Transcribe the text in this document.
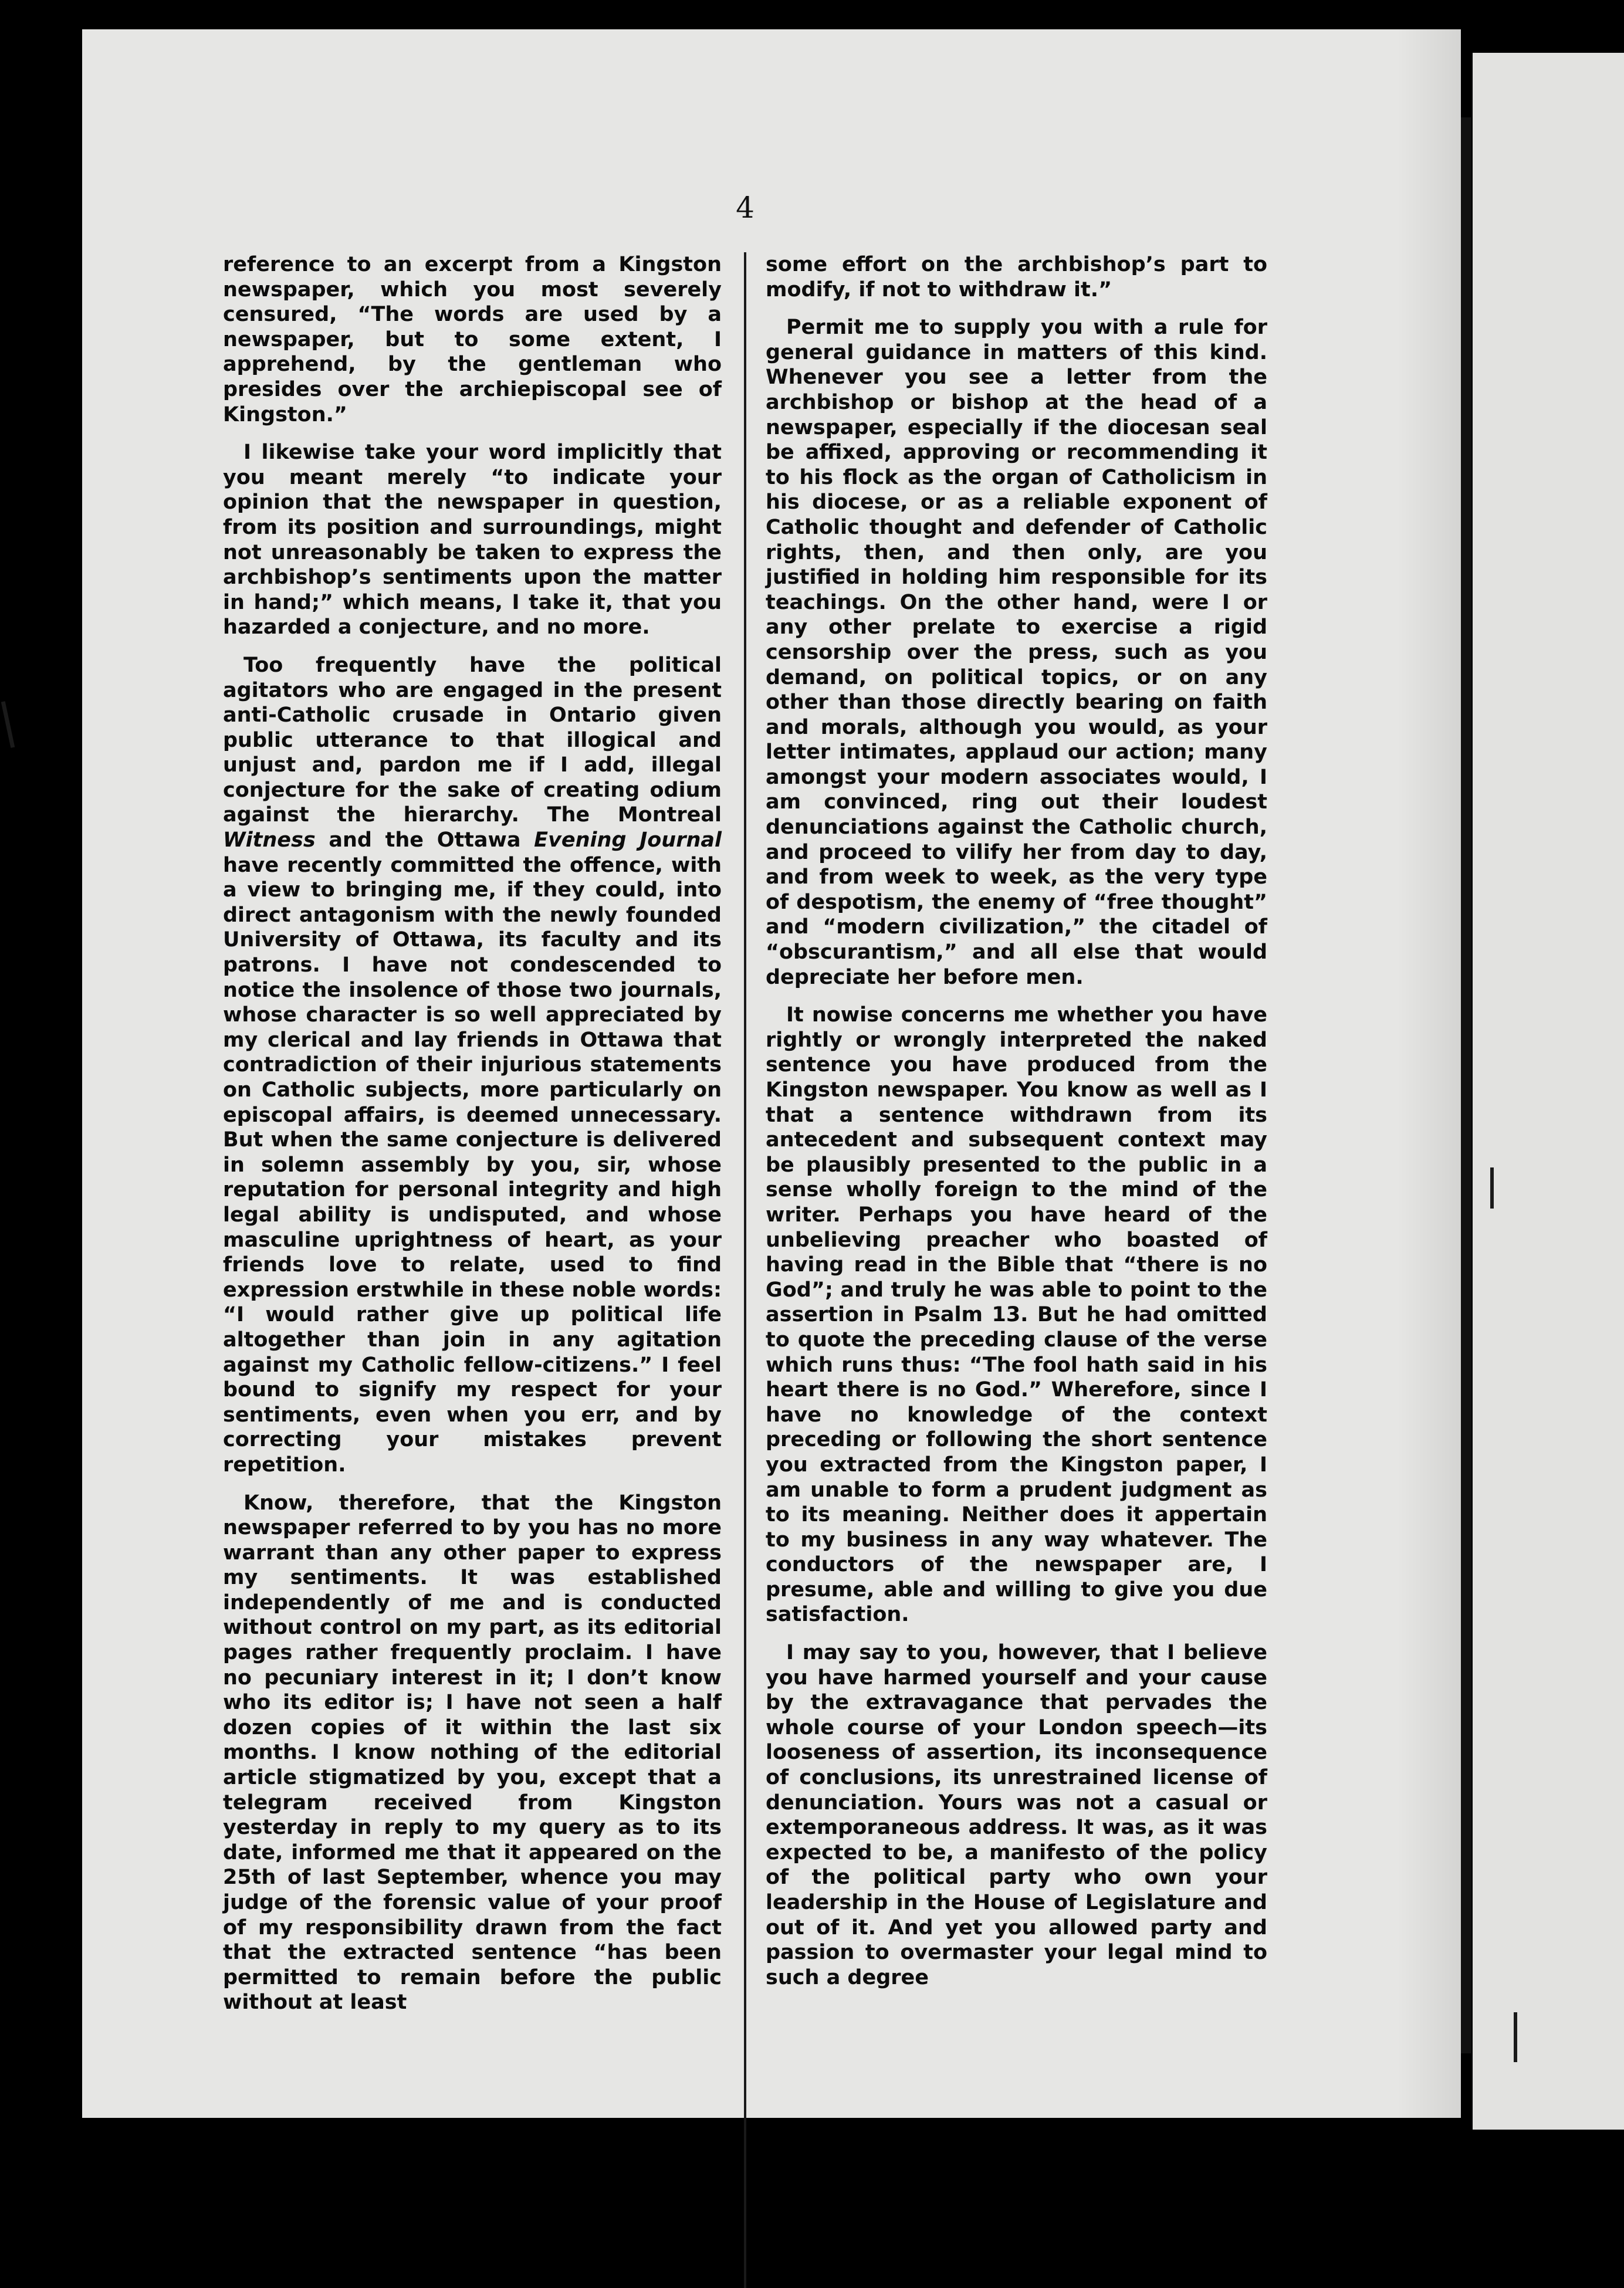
4

reference to an excerpt from a Kingston newspaper, which you most severely censured, “The words are used by a newspaper, but to some extent, I apprehend, by the gentleman who presides over the archiepiscopal see of Kingston.”

I likewise take your word implicitly that you meant merely “to indicate your opinion that the newspaper in question, from its position and surroundings, might not unreasonably be taken to express the archbishop’s sentiments upon the matter in hand;” which means, I take it, that you hazarded a conjecture, and no more.

Too frequently have the political agitators who are engaged in the present anti-Catholic crusade in Ontario given public utterance to that illogical and unjust and, pardon me if I add, illegal conjecture for the sake of creating odium against the hierarchy. The Montreal Witness and the Ottawa Evening Journal have recently committed the offence, with a view to bringing me, if they could, into direct antagonism with the newly founded University of Ottawa, its faculty and its patrons. I have not condescended to notice the insolence of those two journals, whose character is so well appreciated by my clerical and lay friends in Ottawa that contradiction of their injurious statements on Catholic subjects, more particularly on episcopal affairs, is deemed unnecessary. But when the same conjecture is delivered in solemn assembly by you, sir, whose reputation for personal integrity and high legal ability is undisputed, and whose masculine uprightness of heart, as your friends love to relate, used to find expression erstwhile in these noble words: “I would rather give up political life altogether than join in any agitation against my Catholic fellow-citizens.” I feel bound to signify my respect for your sentiments, even when you err, and by correcting your mistakes prevent repetition.

Know, therefore, that the Kingston newspaper referred to by you has no more warrant than any other paper to express my sentiments. It was established independently of me and is conducted without control on my part, as its editorial pages rather frequently proclaim. I have no pecuniary interest in it; I don’t know who its editor is; I have not seen a half dozen copies of it within the last six months. I know nothing of the editorial article stigmatized by you, except that a telegram received from Kingston yesterday in reply to my query as to its date, informed me that it appeared on the 25th of last September, whence you may judge of the forensic value of your proof of my responsibility drawn from the fact that the extracted sentence “has been permitted to remain before the public without at least

some effort on the archbishop’s part to modify, if not to withdraw it.”

Permit me to supply you with a rule for general guidance in matters of this kind. Whenever you see a letter from the archbishop or bishop at the head of a newspaper, especially if the diocesan seal be affixed, approving or recommending it to his flock as the organ of Catholicism in his diocese, or as a reliable exponent of Catholic thought and defender of Catholic rights, then, and then only, are you justified in holding him responsible for its teachings. On the other hand, were I or any other prelate to exercise a rigid censorship over the press, such as you demand, on political topics, or on any other than those directly bearing on faith and morals, although you would, as your letter intimates, applaud our action; many amongst your modern associates would, I am convinced, ring out their loudest denunciations against the Catholic church, and proceed to vilify her from day to day, and from week to week, as the very type of despotism, the enemy of “free thought” and “modern civilization,” the citadel of “obscurantism,” and all else that would depreciate her before men.

It nowise concerns me whether you have rightly or wrongly interpreted the naked sentence you have produced from the Kingston newspaper. You know as well as I that a sentence withdrawn from its antecedent and subsequent context may be plausibly presented to the public in a sense wholly foreign to the mind of the writer. Perhaps you have heard of the unbelieving preacher who boasted of having read in the Bible that “there is no God”; and truly he was able to point to the assertion in Psalm 13. But he had omitted to quote the preceding clause of the verse which runs thus: “The fool hath said in his heart there is no God.” Wherefore, since I have no knowledge of the context preceding or following the short sentence you extracted from the Kingston paper, I am unable to form a prudent judgment as to its meaning. Neither does it appertain to my business in any way whatever. The conductors of the newspaper are, I presume, able and willing to give you due satisfaction.

I may say to you, however, that I believe you have harmed yourself and your cause by the extravagance that pervades the whole course of your London speech—its looseness of assertion, its inconsequence of conclusions, its unrestrained license of denunciation. Yours was not a casual or extemporaneous address. It was, as it was expected to be, a manifesto of the policy of the political party who own your leadership in the House of Legislature and out of it. And yet you allowed party and passion to overmaster your legal mind to such a degree
